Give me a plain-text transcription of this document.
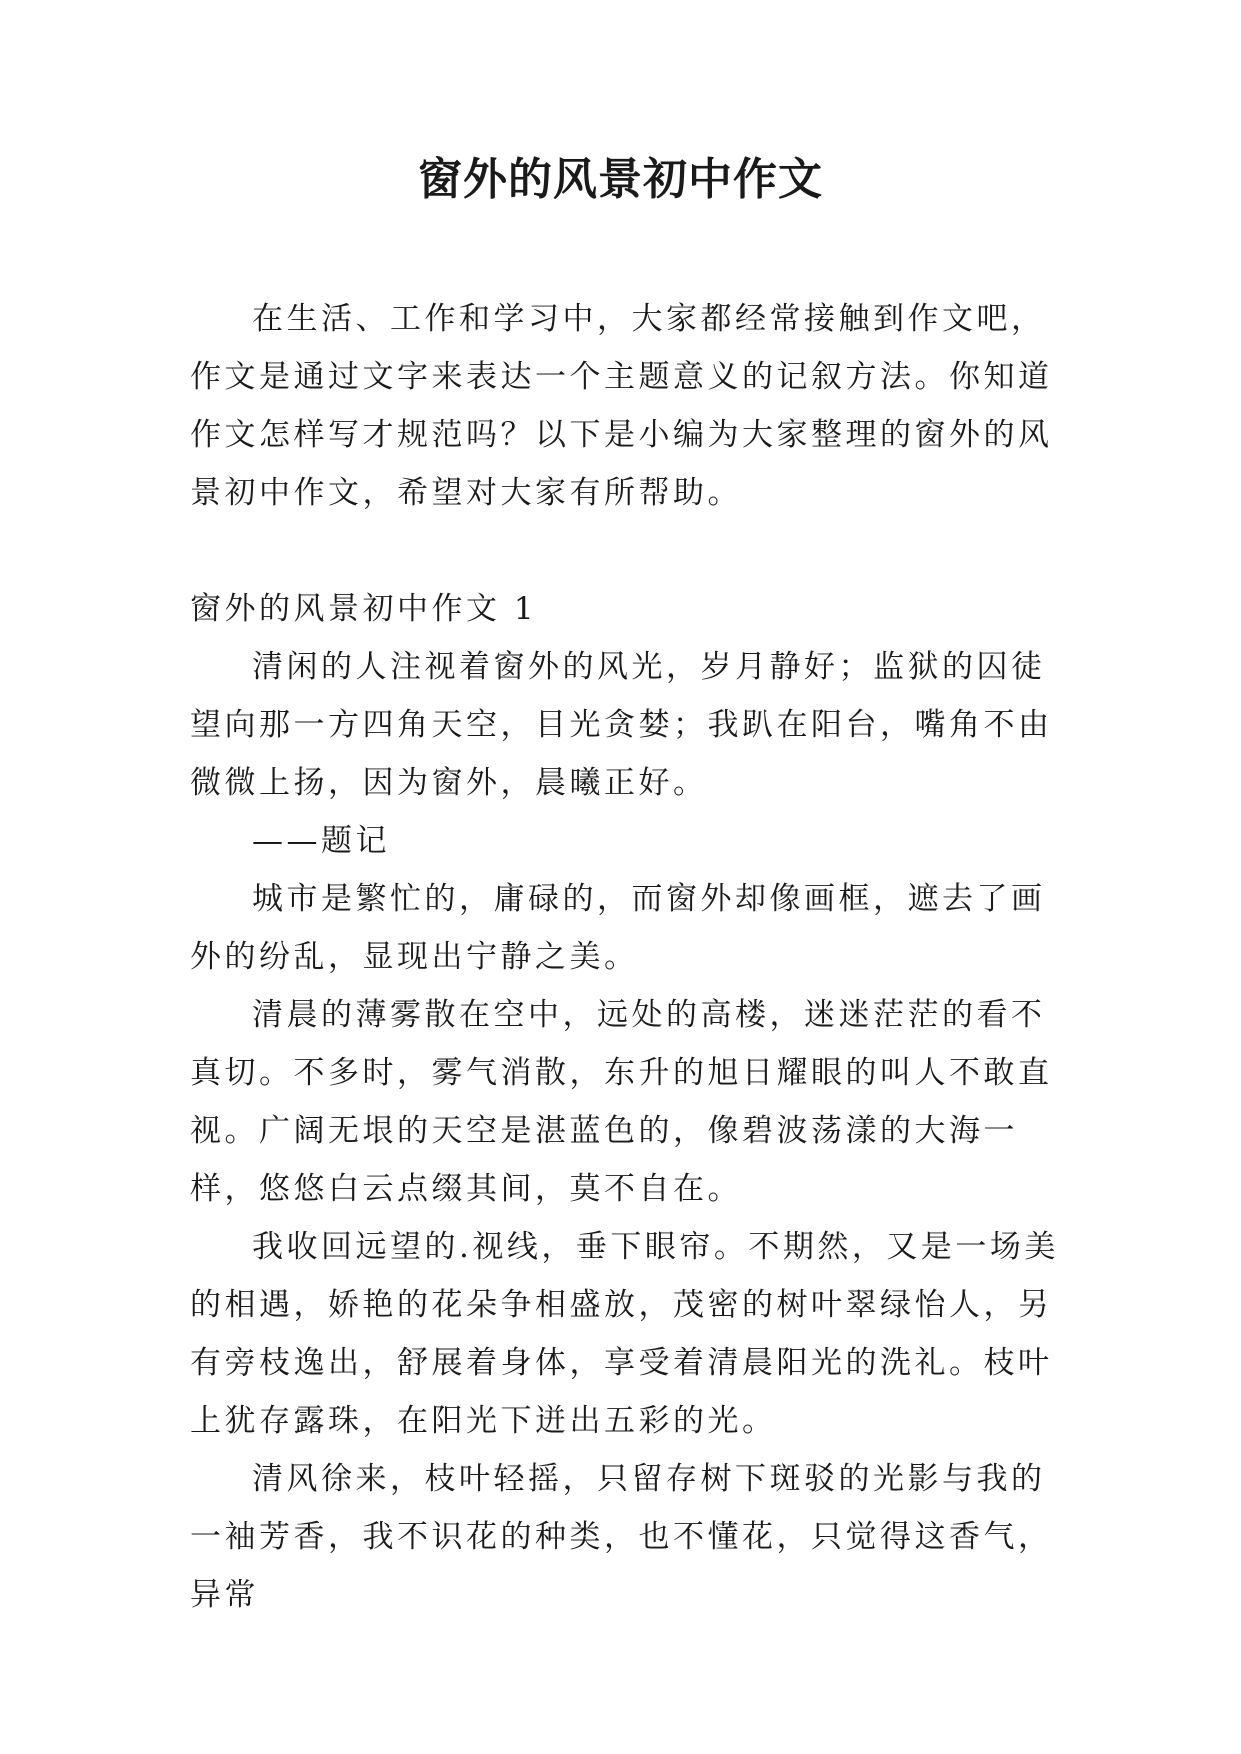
窗外的风景初中作文

在生活、工作和学习中，大家都经常接触到作文吧，作文是通过文字来表达一个主题意义的记叙方法。你知道作文怎样写才规范吗？以下是小编为大家整理的窗外的风景初中作文，希望对大家有所帮助。

窗外的风景初中作文 1

清闲的人注视着窗外的风光，岁月静好；监狱的囚徒望向那一方四角天空，目光贪婪；我趴在阳台，嘴角不由微微上扬，因为窗外，晨曦正好。

——题记

城市是繁忙的，庸碌的，而窗外却像画框，遮去了画外的纷乱，显现出宁静之美。

清晨的薄雾散在空中，远处的高楼，迷迷茫茫的看不真切。不多时，雾气消散，东升的旭日耀眼的叫人不敢直视。广阔无垠的天空是湛蓝色的，像碧波荡漾的大海一样，悠悠白云点缀其间，莫不自在。

我收回远望的.视线，垂下眼帘。不期然，又是一场美的相遇，娇艳的花朵争相盛放，茂密的树叶翠绿怡人，另有旁枝逸出，舒展着身体，享受着清晨阳光的洗礼。枝叶上犹存露珠，在阳光下迸出五彩的光。

清风徐来，枝叶轻摇，只留存树下斑驳的光影与我的一袖芳香，我不识花的种类，也不懂花，只觉得这香气，异常
